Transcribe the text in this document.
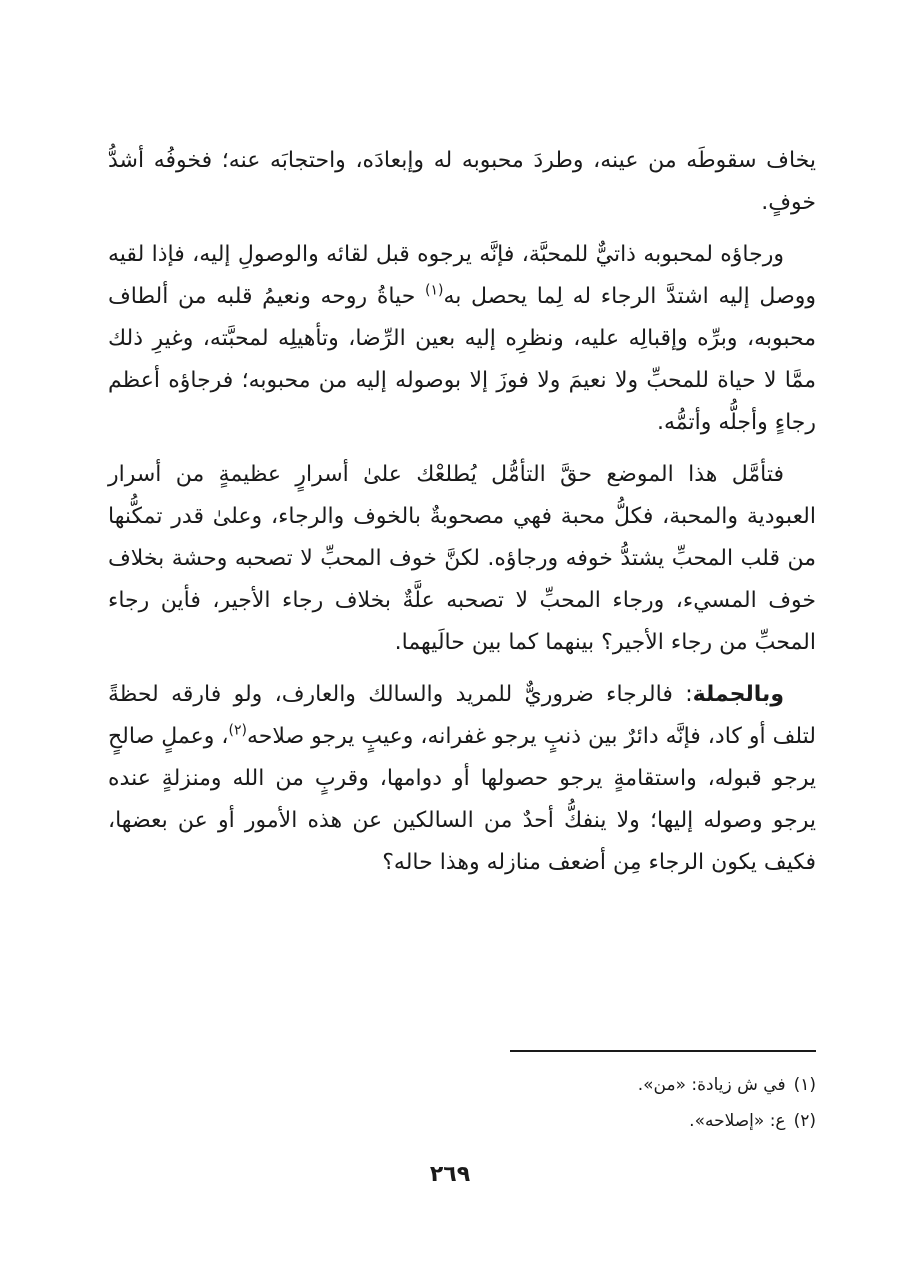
يخاف سقوطَه من عينه، وطردَ محبوبه له وإبعادَه، واحتجابَه عنه؛ فخوفُه أشدُّ خوفٍ.

ورجاؤه لمحبوبه ذاتيٌّ للمحبَّة، فإنَّه يرجوه قبل لقائه والوصولِ إليه، فإذا لقيه ووصل إليه اشتدَّ الرجاء له لِما يحصل به$^{(١)}$ حياةُ روحه ونعيمُ قلبه من ألطاف محبوبه، وبرِّه وإقبالِه عليه، ونظرِه إليه بعين الرِّضا، وتأهيلِه لمحبَّته، وغيرِ ذلك ممَّا لا حياة للمحبِّ ولا نعيمَ ولا فوزَ إلا بوصوله إليه من محبوبه؛ فرجاؤه أعظم رجاءٍ وأجلُّه وأتمُّه.

فتأمَّل هذا الموضع حقَّ التأمُّل يُطلعْك علىٰ أسرارٍ عظيمةٍ من أسرار العبودية والمحبة، فكلُّ محبة فهي مصحوبةٌ بالخوف والرجاء، وعلىٰ قدر تمكُّنها من قلب المحبِّ يشتدُّ خوفه ورجاؤه. لكنَّ خوف المحبِّ لا تصحبه وحشة بخلاف خوف المسيء، ورجاء المحبِّ لا تصحبه علَّةٌ بخلاف رجاء الأجير، فأين رجاء المحبِّ من رجاء الأجير؟ بينهما كما بين حالَيهما.

وبالجملة: فالرجاء ضروريٌّ للمريد والسالك والعارف، ولو فارقه لحظةً لتلف أو كاد، فإنَّه دائرٌ بين ذنبٍ يرجو غفرانه، وعيبٍ يرجو صلاحه$^{(٢)}$، وعملٍ صالحٍ يرجو قبوله، واستقامةٍ يرجو حصولها أو دوامها، وقربٍ من الله ومنزلةٍ عنده يرجو وصوله إليها؛ ولا ينفكُّ أحدٌ من السالكين عن هذه الأمور أو عن بعضها، فكيف يكون الرجاء مِن أضعف منازله وهذا حاله؟

(١)في ش زيادة: «من».

(٢)ع: «إصلاحه».

٢٦٩
